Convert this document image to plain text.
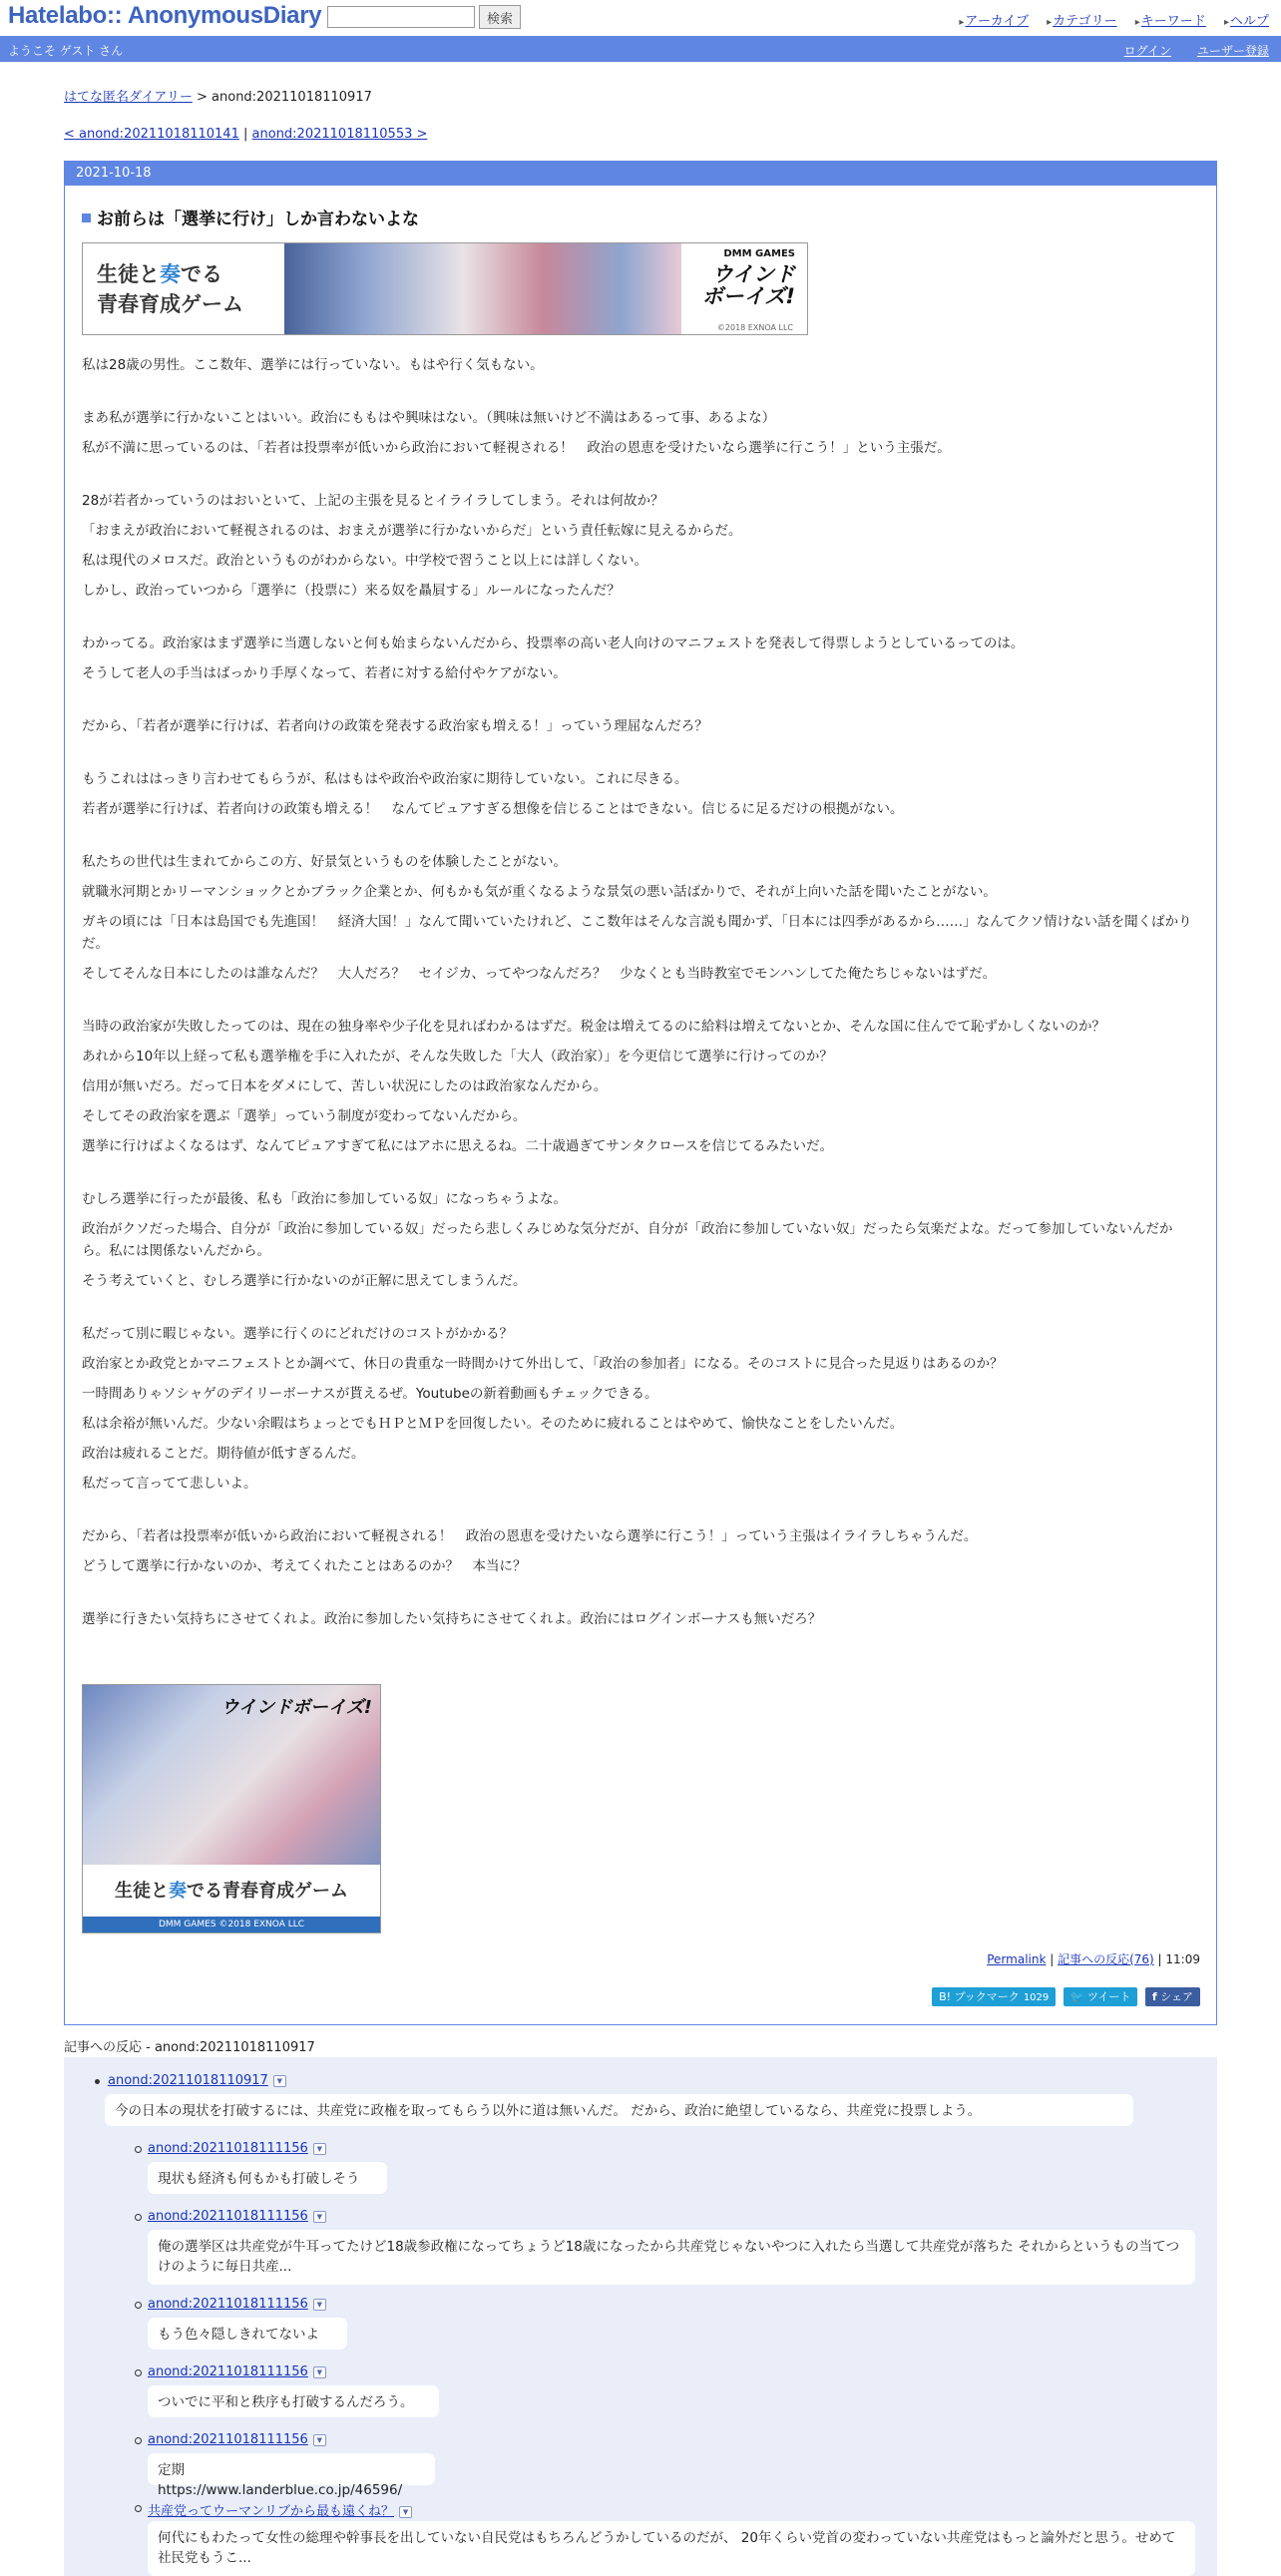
Hatelabo:: AnonymousDiary	検索	▸アーカイブ ▸カテゴリー ▸キーワード ▸ヘルプ
ようこそ ゲスト さん	ログイン ユーザー登録
はてな匿名ダイアリー > anond:20211018110917
< anond:20211018110141 | anond:20211018110553 >
2021-10-18
お前らは「選挙に行け」しか言わないよな
生徒と奏でる
青春育成ゲーム
DMM GAMES
ウインド
ボーイズ!
©2018 EXNOA LLC

私は28歳の男性。ここ数年、選挙には行っていない。もはや行く気もない。

まあ私が選挙に行かないことはいい。政治にももはや興味はない。（興味は無いけど不満はあるって事、あるよな）

私が不満に思っているのは、「若者は投票率が低いから政治において軽視される！　政治の恩恵を受けたいなら選挙に行こう！」という主張だ。

28が若者かっていうのはおいといて、上記の主張を見るとイライラしてしまう。それは何故か？

「おまえが政治において軽視されるのは、おまえが選挙に行かないからだ」という責任転嫁に見えるからだ。

私は現代のメロスだ。政治というものがわからない。中学校で習うこと以上には詳しくない。

しかし、政治っていつから「選挙に（投票に）来る奴を贔屓する」ルールになったんだ？

わかってる。政治家はまず選挙に当選しないと何も始まらないんだから、投票率の高い老人向けのマニフェストを発表して得票しようとしているってのは。

そうして老人の手当はばっかり手厚くなって、若者に対する給付やケアがない。

だから、「若者が選挙に行けば、若者向けの政策を発表する政治家も増える！」っていう理屈なんだろ？

もうこれははっきり言わせてもらうが、私はもはや政治や政治家に期待していない。これに尽きる。

若者が選挙に行けば、若者向けの政策も増える！　なんてピュアすぎる想像を信じることはできない。信じるに足るだけの根拠がない。

私たちの世代は生まれてからこの方、好景気というものを体験したことがない。

就職氷河期とかリーマンショックとかブラック企業とか、何もかも気が重くなるような景気の悪い話ばかりで、それが上向いた話を聞いたことがない。

ガキの頃には「日本は島国でも先進国！　経済大国！」なんて聞いていたけれど、ここ数年はそんな言説も聞かず、「日本には四季があるから……」なんてクソ情けない話を聞くばかりだ。

そしてそんな日本にしたのは誰なんだ？　大人だろ？　セイジカ、ってやつなんだろ？　少なくとも当時教室でモンハンしてた俺たちじゃないはずだ。

当時の政治家が失敗したってのは、現在の独身率や少子化を見ればわかるはずだ。税金は増えてるのに給料は増えてないとか、そんな国に住んでて恥ずかしくないのか？

あれから10年以上経って私も選挙権を手に入れたが、そんな失敗した「大人（政治家）」を今更信じて選挙に行けってのか？

信用が無いだろ。だって日本をダメにして、苦しい状況にしたのは政治家なんだから。

そしてその政治家を選ぶ「選挙」っていう制度が変わってないんだから。

選挙に行けばよくなるはず、なんてピュアすぎて私にはアホに思えるね。二十歳過ぎてサンタクロースを信じてるみたいだ。

むしろ選挙に行ったが最後、私も「政治に参加している奴」になっちゃうよな。

政治がクソだった場合、自分が「政治に参加している奴」だったら悲しくみじめな気分だが、自分が「政治に参加していない奴」だったら気楽だよな。だって参加していないんだから。私には関係ないんだから。

そう考えていくと、むしろ選挙に行かないのが正解に思えてしまうんだ。

私だって別に暇じゃない。選挙に行くのにどれだけのコストがかかる？

政治家とか政党とかマニフェストとか調べて、休日の貴重な一時間かけて外出して、「政治の参加者」になる。そのコストに見合った見返りはあるのか？

一時間ありゃソシャゲのデイリーボーナスが貰えるぜ。Youtubeの新着動画もチェックできる。

私は余裕が無いんだ。少ない余暇はちょっとでもＨＰとＭＰを回復したい。そのために疲れることはやめて、愉快なことをしたいんだ。

政治は疲れることだ。期待値が低すぎるんだ。

私だって言ってて悲しいよ。

だから、「若者は投票率が低いから政治において軽視される！　政治の恩恵を受けたいなら選挙に行こう！」っていう主張はイライラしちゃうんだ。

どうして選挙に行かないのか、考えてくれたことはあるのか？　本当に？

選挙に行きたい気持ちにさせてくれよ。政治に参加したい気持ちにさせてくれよ。政治にはログインボーナスも無いだろ？

ウインドボーイズ!
生徒と奏でる青春育成ゲーム
DMM GAMES ©2018 EXNOA LLC
Permalink | 記事への反応(76) | 11:09
B! ブックマーク 1029 🐦 ツイート f シェア
記事への反応 - anond:20211018110917
anond:20211018110917 ▼
今の日本の現状を打破するには、共産党に政権を取ってもらう以外に道は無いんだ。 だから、政治に絶望しているなら、共産党に投票しよう。
anond:20211018111156 ▼
現状も経済も何もかも打破しそう
anond:20211018111156 ▼
俺の選挙区は共産党が牛耳ってたけど18歳参政権になってちょうど18歳になったから共産党じゃないやつに入れたら当選して共産党が落ちた それからというもの当てつけのように毎日共産...
anond:20211018111156 ▼
もう色々隠しきれてないよ
anond:20211018111156 ▼
ついでに平和と秩序も打破するんだろう。
anond:20211018111156 ▼
定期 https://www.landerblue.co.jp/46596/
共産党ってウーマンリブから最も遠くね？ ▼
何代にもわたって女性の総理や幹事長を出していない自民党はもちろんどうかしているのだが、 20年くらい党首の変わっていない共産党はもっと論外だと思う。せめて社民党もうこ...
